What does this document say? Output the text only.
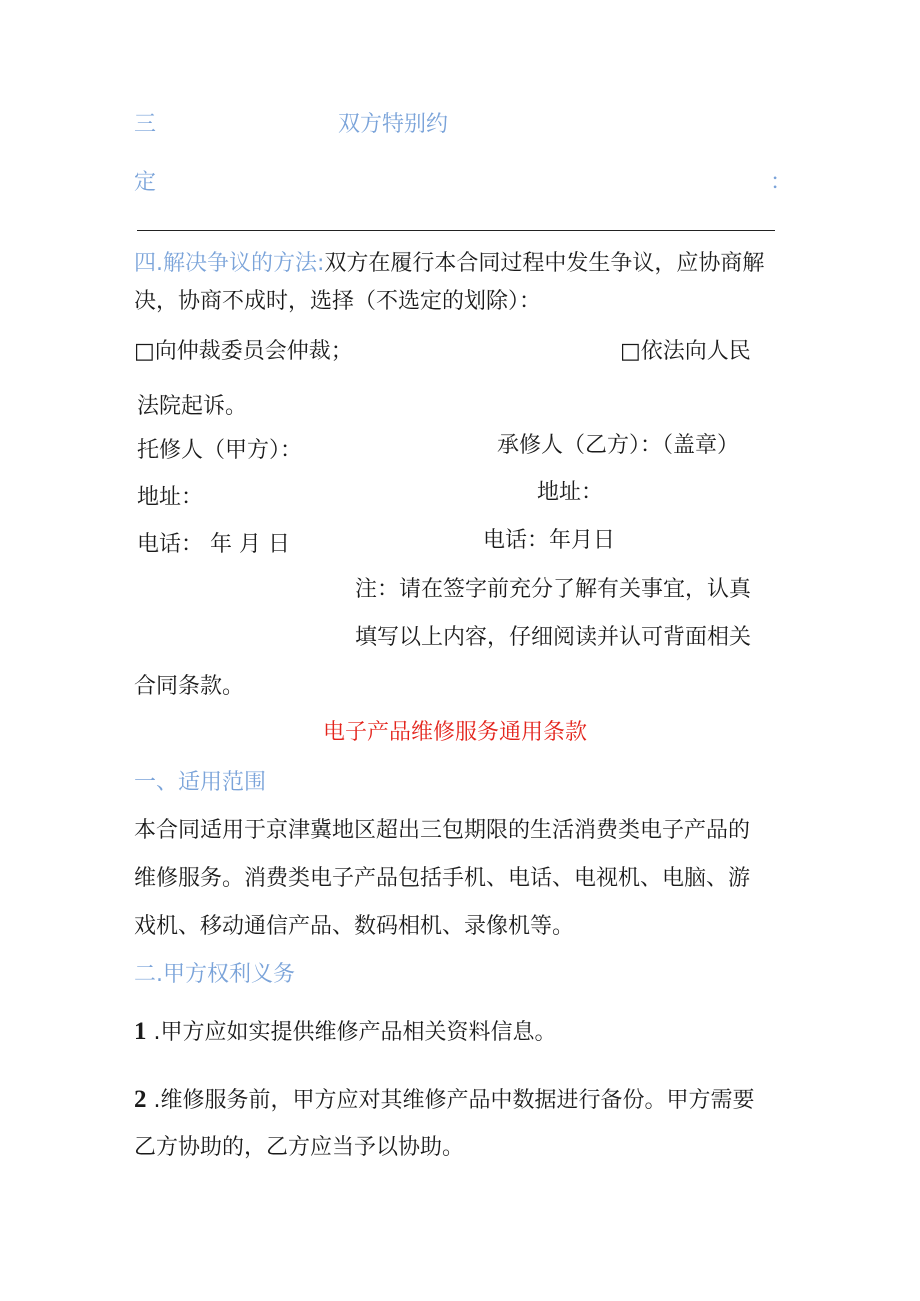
三	双方特别约
定	：
四.解决争议的方法:双方在履行本合同过程中发生争议，应协商解
决，协商不成时，选择（不选定的划除）：
□向仲裁委员会仲裁；	□依法向人民
法院起诉。
托修人（甲方）：	承修人（乙方）：（盖章）
地址：	地址：
电话： 年 月 日	电话：年月日
注：请在签字前充分了解有关事宜，认真
填写以上内容，仔细阅读并认可背面相关
合同条款。
电子产品维修服务通用条款
一、适用范围
本合同适用于京津冀地区超出三包期限的生活消费类电子产品的
维修服务。消费类电子产品包括手机、电话、电视机、电脑、游
戏机、移动通信产品、数码相机、录像机等。
二.甲方权利义务
1 .甲方应如实提供维修产品相关资料信息。
2 .维修服务前，甲方应对其维修产品中数据进行备份。甲方需要
乙方协助的，乙方应当予以协助。
